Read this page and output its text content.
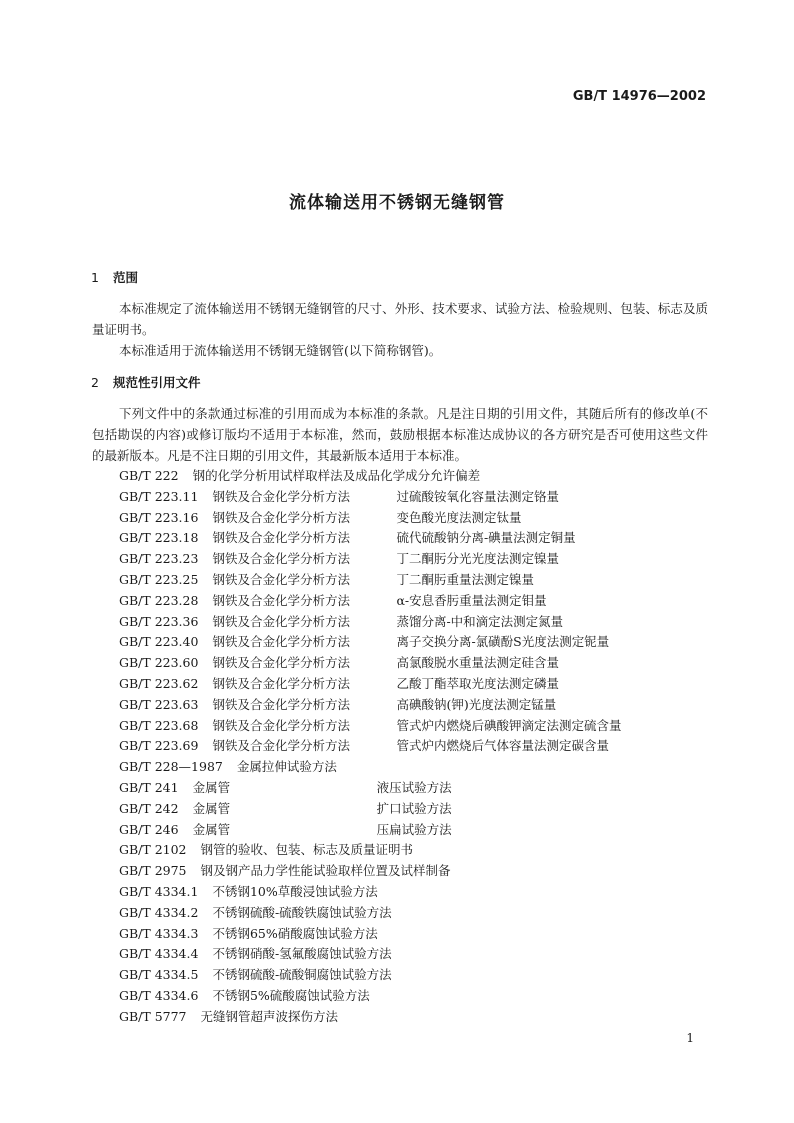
GB/T 14976—2002
流体输送用不锈钢无缝钢管
1 范围

本标准规定了流体输送用不锈钢无缝钢管的尺寸、外形、技术要求、试验方法、检验规则、包装、标志及质量证明书。

本标准适用于流体输送用不锈钢无缝钢管(以下简称钢管)。

2 规范性引用文件

下列文件中的条款通过标准的引用而成为本标准的条款。凡是注日期的引用文件，其随后所有的修改单(不包括勘误的内容)或修订版均不适用于本标准，然而，鼓励根据本标准达成协议的各方研究是否可使用这些文件的最新版本。凡是不注日期的引用文件，其最新版本适用于本标准。

GB/T 222 钢的化学分析用试样取样法及成品化学成分允许偏差
GB/T 223.11 钢铁及合金化学分析方法	过硫酸铵氧化容量法测定铬量
GB/T 223.16 钢铁及合金化学分析方法	变色酸光度法测定钛量
GB/T 223.18 钢铁及合金化学分析方法	硫代硫酸钠分离-碘量法测定铜量
GB/T 223.23 钢铁及合金化学分析方法	丁二酮肟分光光度法测定镍量
GB/T 223.25 钢铁及合金化学分析方法	丁二酮肟重量法测定镍量
GB/T 223.28 钢铁及合金化学分析方法	α-安息香肟重量法测定钼量
GB/T 223.36 钢铁及合金化学分析方法	蒸馏分离-中和滴定法测定氮量
GB/T 223.40 钢铁及合金化学分析方法	离子交换分离-氯磺酚S光度法测定铌量
GB/T 223.60 钢铁及合金化学分析方法	高氯酸脱水重量法测定硅含量
GB/T 223.62 钢铁及合金化学分析方法	乙酸丁酯萃取光度法测定磷量
GB/T 223.63 钢铁及合金化学分析方法	高碘酸钠(钾)光度法测定锰量
GB/T 223.68 钢铁及合金化学分析方法	管式炉内燃烧后碘酸钾滴定法测定硫含量
GB/T 223.69 钢铁及合金化学分析方法	管式炉内燃烧后气体容量法测定碳含量
GB/T 228—1987 金属拉伸试验方法
GB/T 241 金属管	液压试验方法
GB/T 242 金属管	扩口试验方法
GB/T 246 金属管	压扁试验方法
GB/T 2102 钢管的验收、包装、标志及质量证明书
GB/T 2975 钢及钢产品力学性能试验取样位置及试样制备
GB/T 4334.1 不锈钢10%草酸浸蚀试验方法
GB/T 4334.2 不锈钢硫酸-硫酸铁腐蚀试验方法
GB/T 4334.3 不锈钢65%硝酸腐蚀试验方法
GB/T 4334.4 不锈钢硝酸-氢氟酸腐蚀试验方法
GB/T 4334.5 不锈钢硫酸-硫酸铜腐蚀试验方法
GB/T 4334.6 不锈钢5%硫酸腐蚀试验方法
GB/T 5777 无缝钢管超声波探伤方法
1
